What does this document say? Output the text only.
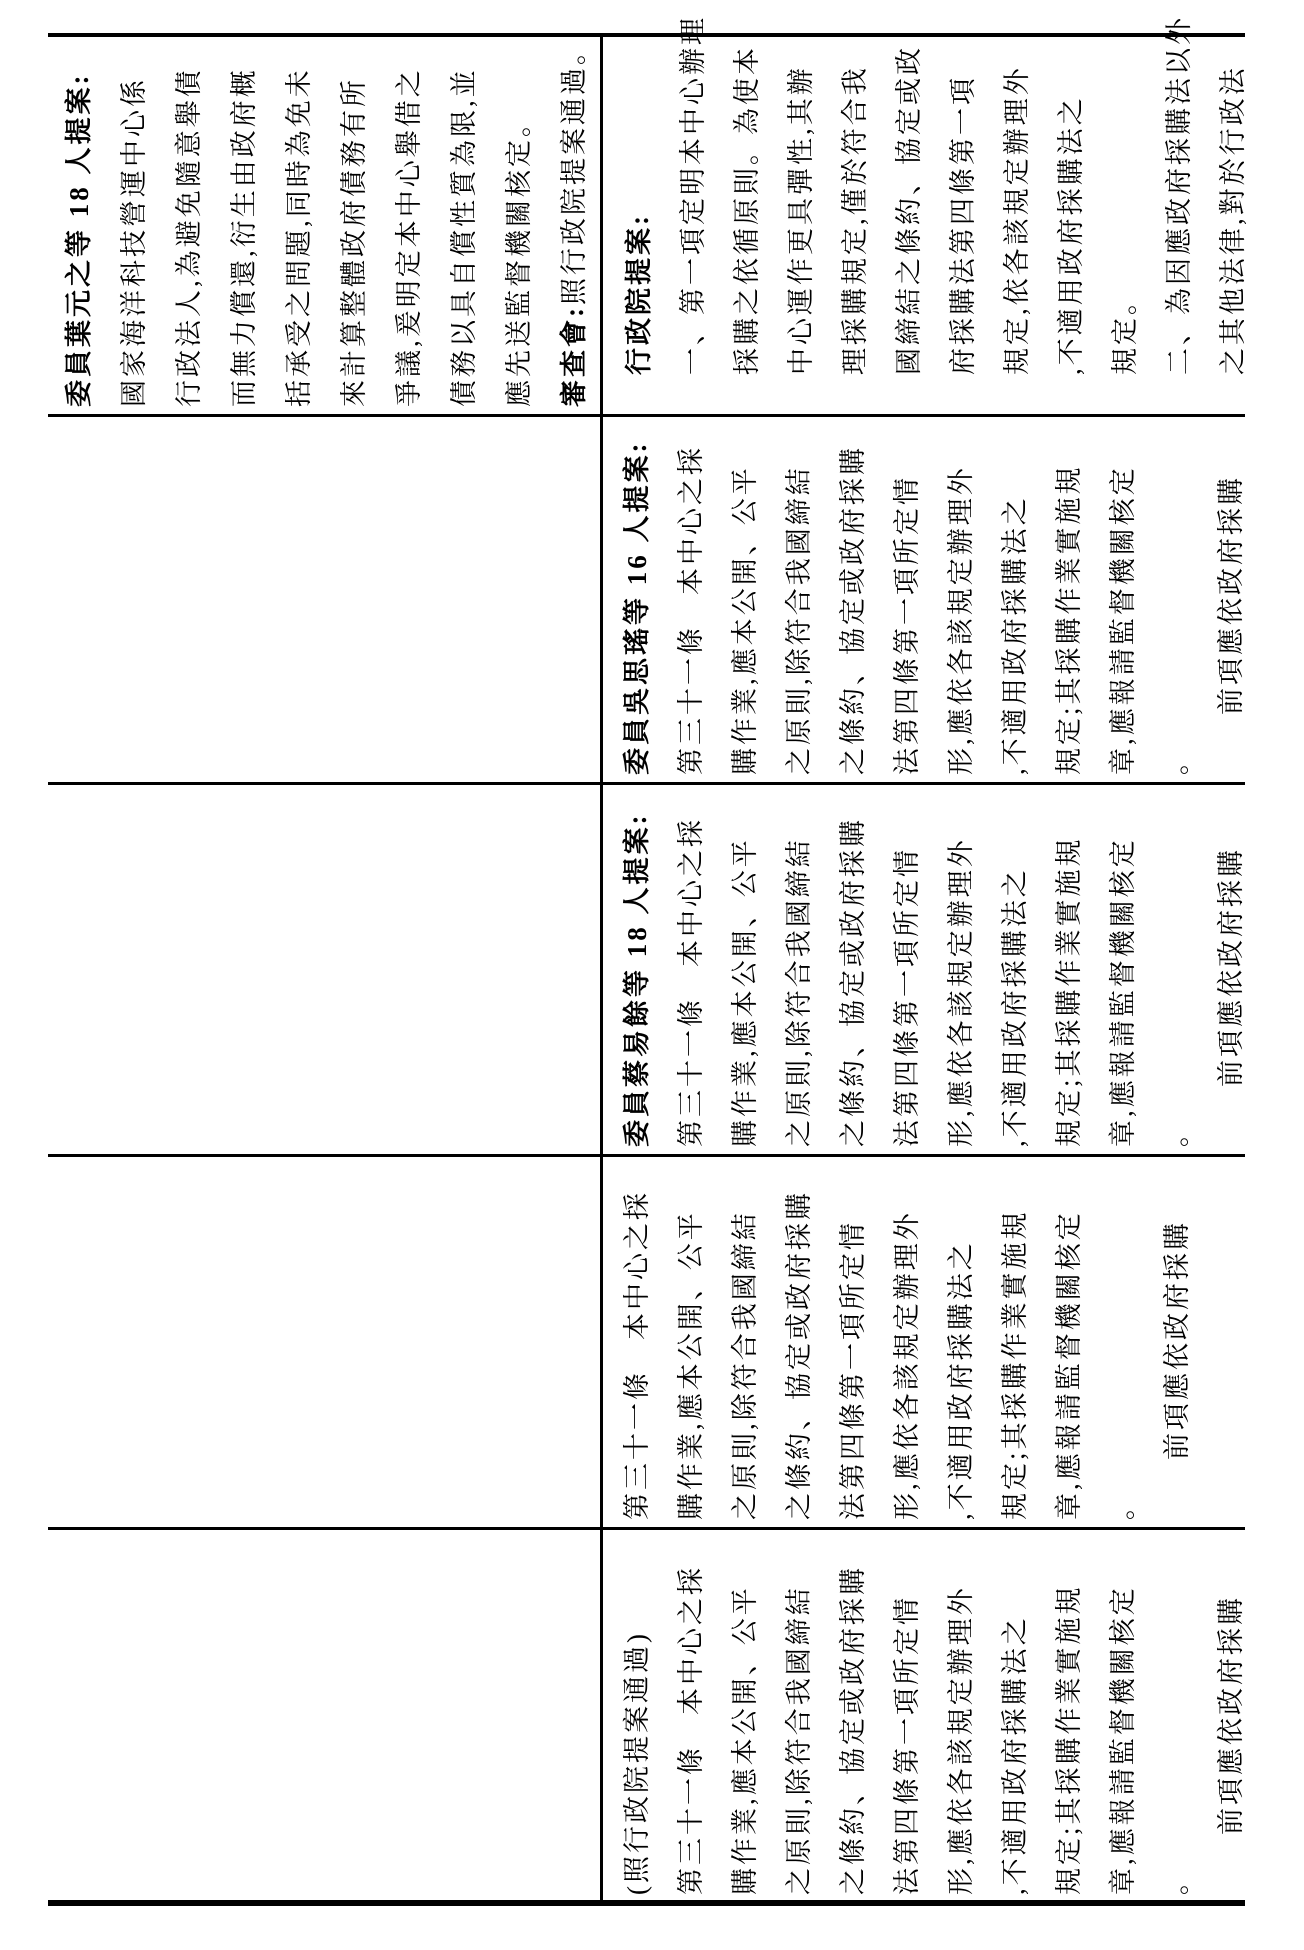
委員葉元之等 18 人提案: 國家海洋科技營運中心係 行政法人,為避免隨意舉債 而無力償還,衍生由政府概 括承受之問題,同時為免未 來計算整體政府債務有所 爭議,爰明定本中心舉借之 債務以具自償性質為限,並 應先送監督機關核定。 審查會:照行政院提案通過。	行政院提案: 一、第一項定明本中心辦理 採購之依循原則。為使本 中心運作更具彈性,其辦 理採購規定,僅於符合我 國締結之條約、協定或政 府採購法第四條第一項 規定,依各該規定辦理外 ,不適用政府採購法之 規定。 二、為因應政府採購法以外 之其他法律,對於行政法
委員吳思瑤等 16 人提案: 第三十一條　本中心之採 購作業,應本公開、公平 之原則,除符合我國締結 之條約、協定或政府採購 法第四條第一項所定情 形,應依各該規定辦理外 ,不適用政府採購法之 規定;其採購作業實施規 章,應報請監督機關核定 。 　　前項應依政府採購
委員蔡易餘等 18 人提案: 第三十一條　本中心之採 購作業,應本公開、公平 之原則,除符合我國締結 之條約、協定或政府採購 法第四條第一項所定情 形,應依各該規定辦理外 ,不適用政府採購法之 規定;其採購作業實施規 章,應報請監督機關核定 。 　　前項應依政府採購
第三十一條　本中心之採 購作業,應本公開、公平 之原則,除符合我國締結 之條約、協定或政府採購 法第四條第一項所定情 形,應依各該規定辦理外 ,不適用政府採購法之 規定;其採購作業實施規 章,應報請監督機關核定 。 　　前項應依政府採購
(照行政院提案通過) 第三十一條　本中心之採 購作業,應本公開、公平 之原則,除符合我國締結 之條約、協定或政府採購 法第四條第一項所定情 形,應依各該規定辦理外 ,不適用政府採購法之 規定;其採購作業實施規 章,應報請監督機關核定 。 　　前項應依政府採購
